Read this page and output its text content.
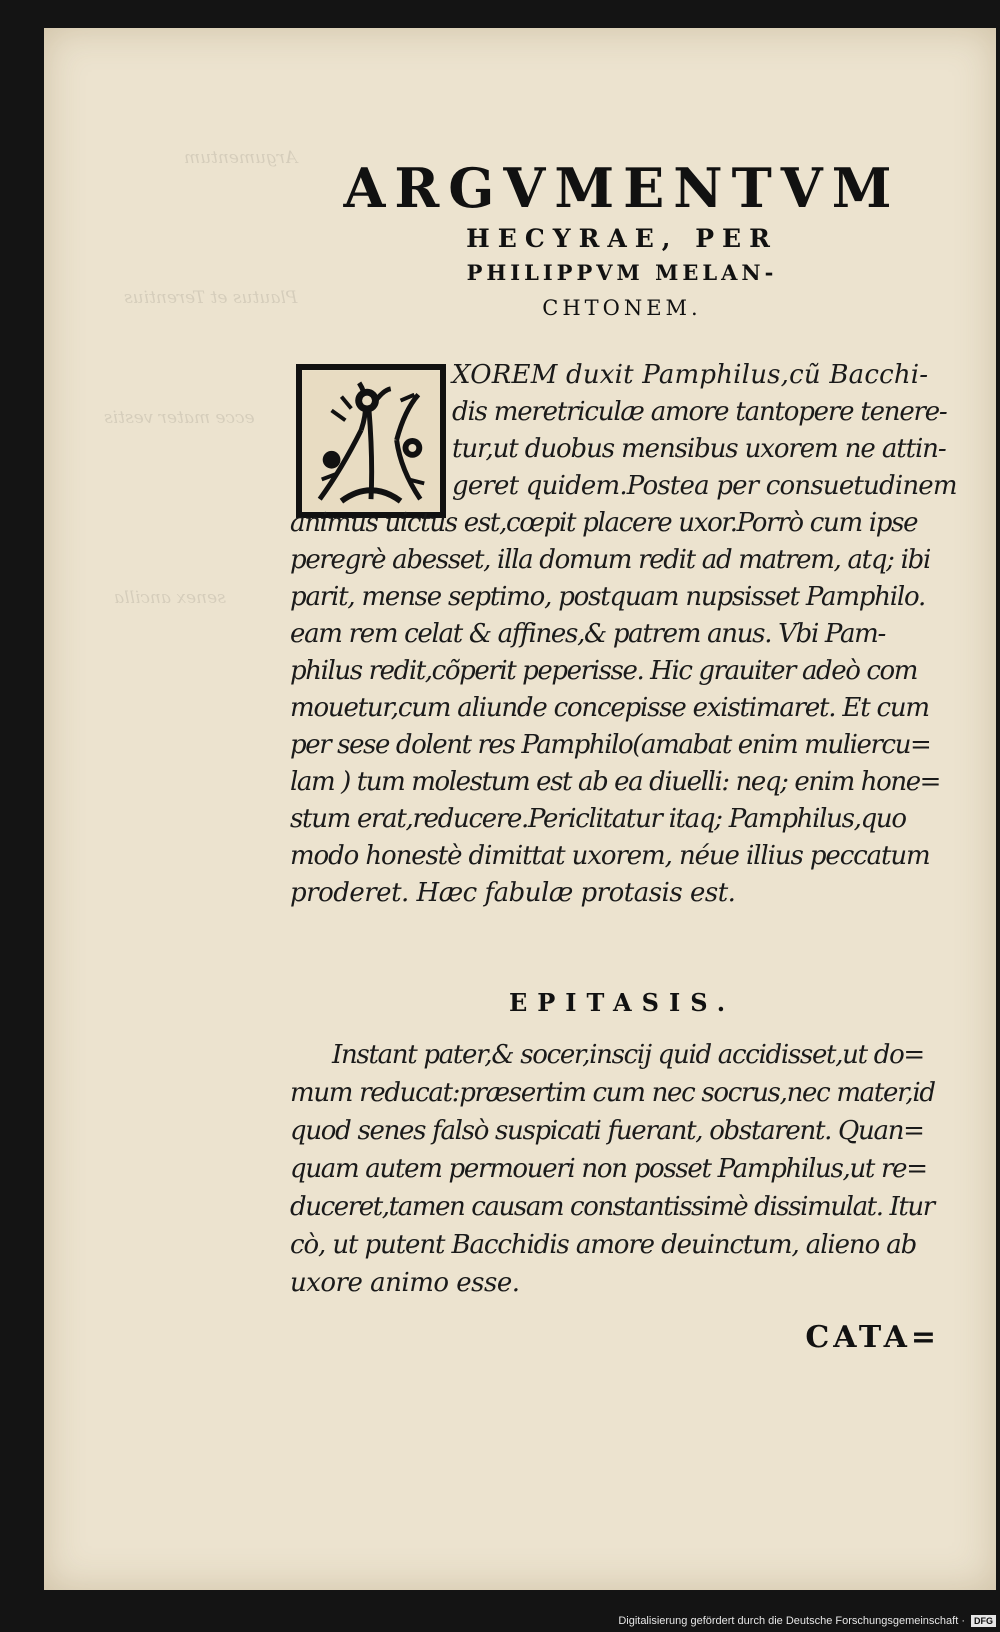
Argumentum
Plautus et Terentius
ecce mater vestis
senex ancilla
ARGVMENTVM
HECYRAE, PER
PHILIPPVM MELAN-
CHTONEM.
XOREM duxit Pamphilus,cũ Bacchi-
dis meretriculæ amore tantopere tenere-
tur,ut duobus mensibus uxorem ne attin-
geret quidem.Postea per consuetudinem
animus uictus est,cœpit placere uxor.Porrò cum ipse
peregrè abesset, illa domum redit ad matrem, atq; ibi
parit, mense septimo, postquam nupsisset Pamphilo.
eam rem celat & affines,& patrem anus. Vbi Pam-
philus redit,cõperit peperisse. Hic grauiter adeò com
mouetur,cum aliunde concepisse existimaret. Et cum
per sese dolent res Pamphilo(amabat enim muliercu=
lam ) tum molestum est ab ea diuelli: neq; enim hone=
stum erat,reducere.Periclitatur itaq; Pamphilus,quo
modo honestè dimittat uxorem, néue illius peccatum
proderet. Hæc fabulæ protasis est.
EPITASIS.
Instant pater,& socer,inscij quid accidisset,ut do=
mum reducat:præsertim cum nec socrus,nec mater,id
quod senes falsò suspicati fuerant, obstarent. Quan=
quam autem permoueri non posset Pamphilus,ut re=
duceret,tamen causam constantissimè dissimulat. Itur
cò, ut putent Bacchidis amore deuinctum, alieno ab
uxore animo esse.
CATA=
Digitalisierung gefördert durch die Deutsche Forschungsgemeinschaft ·	DFG
